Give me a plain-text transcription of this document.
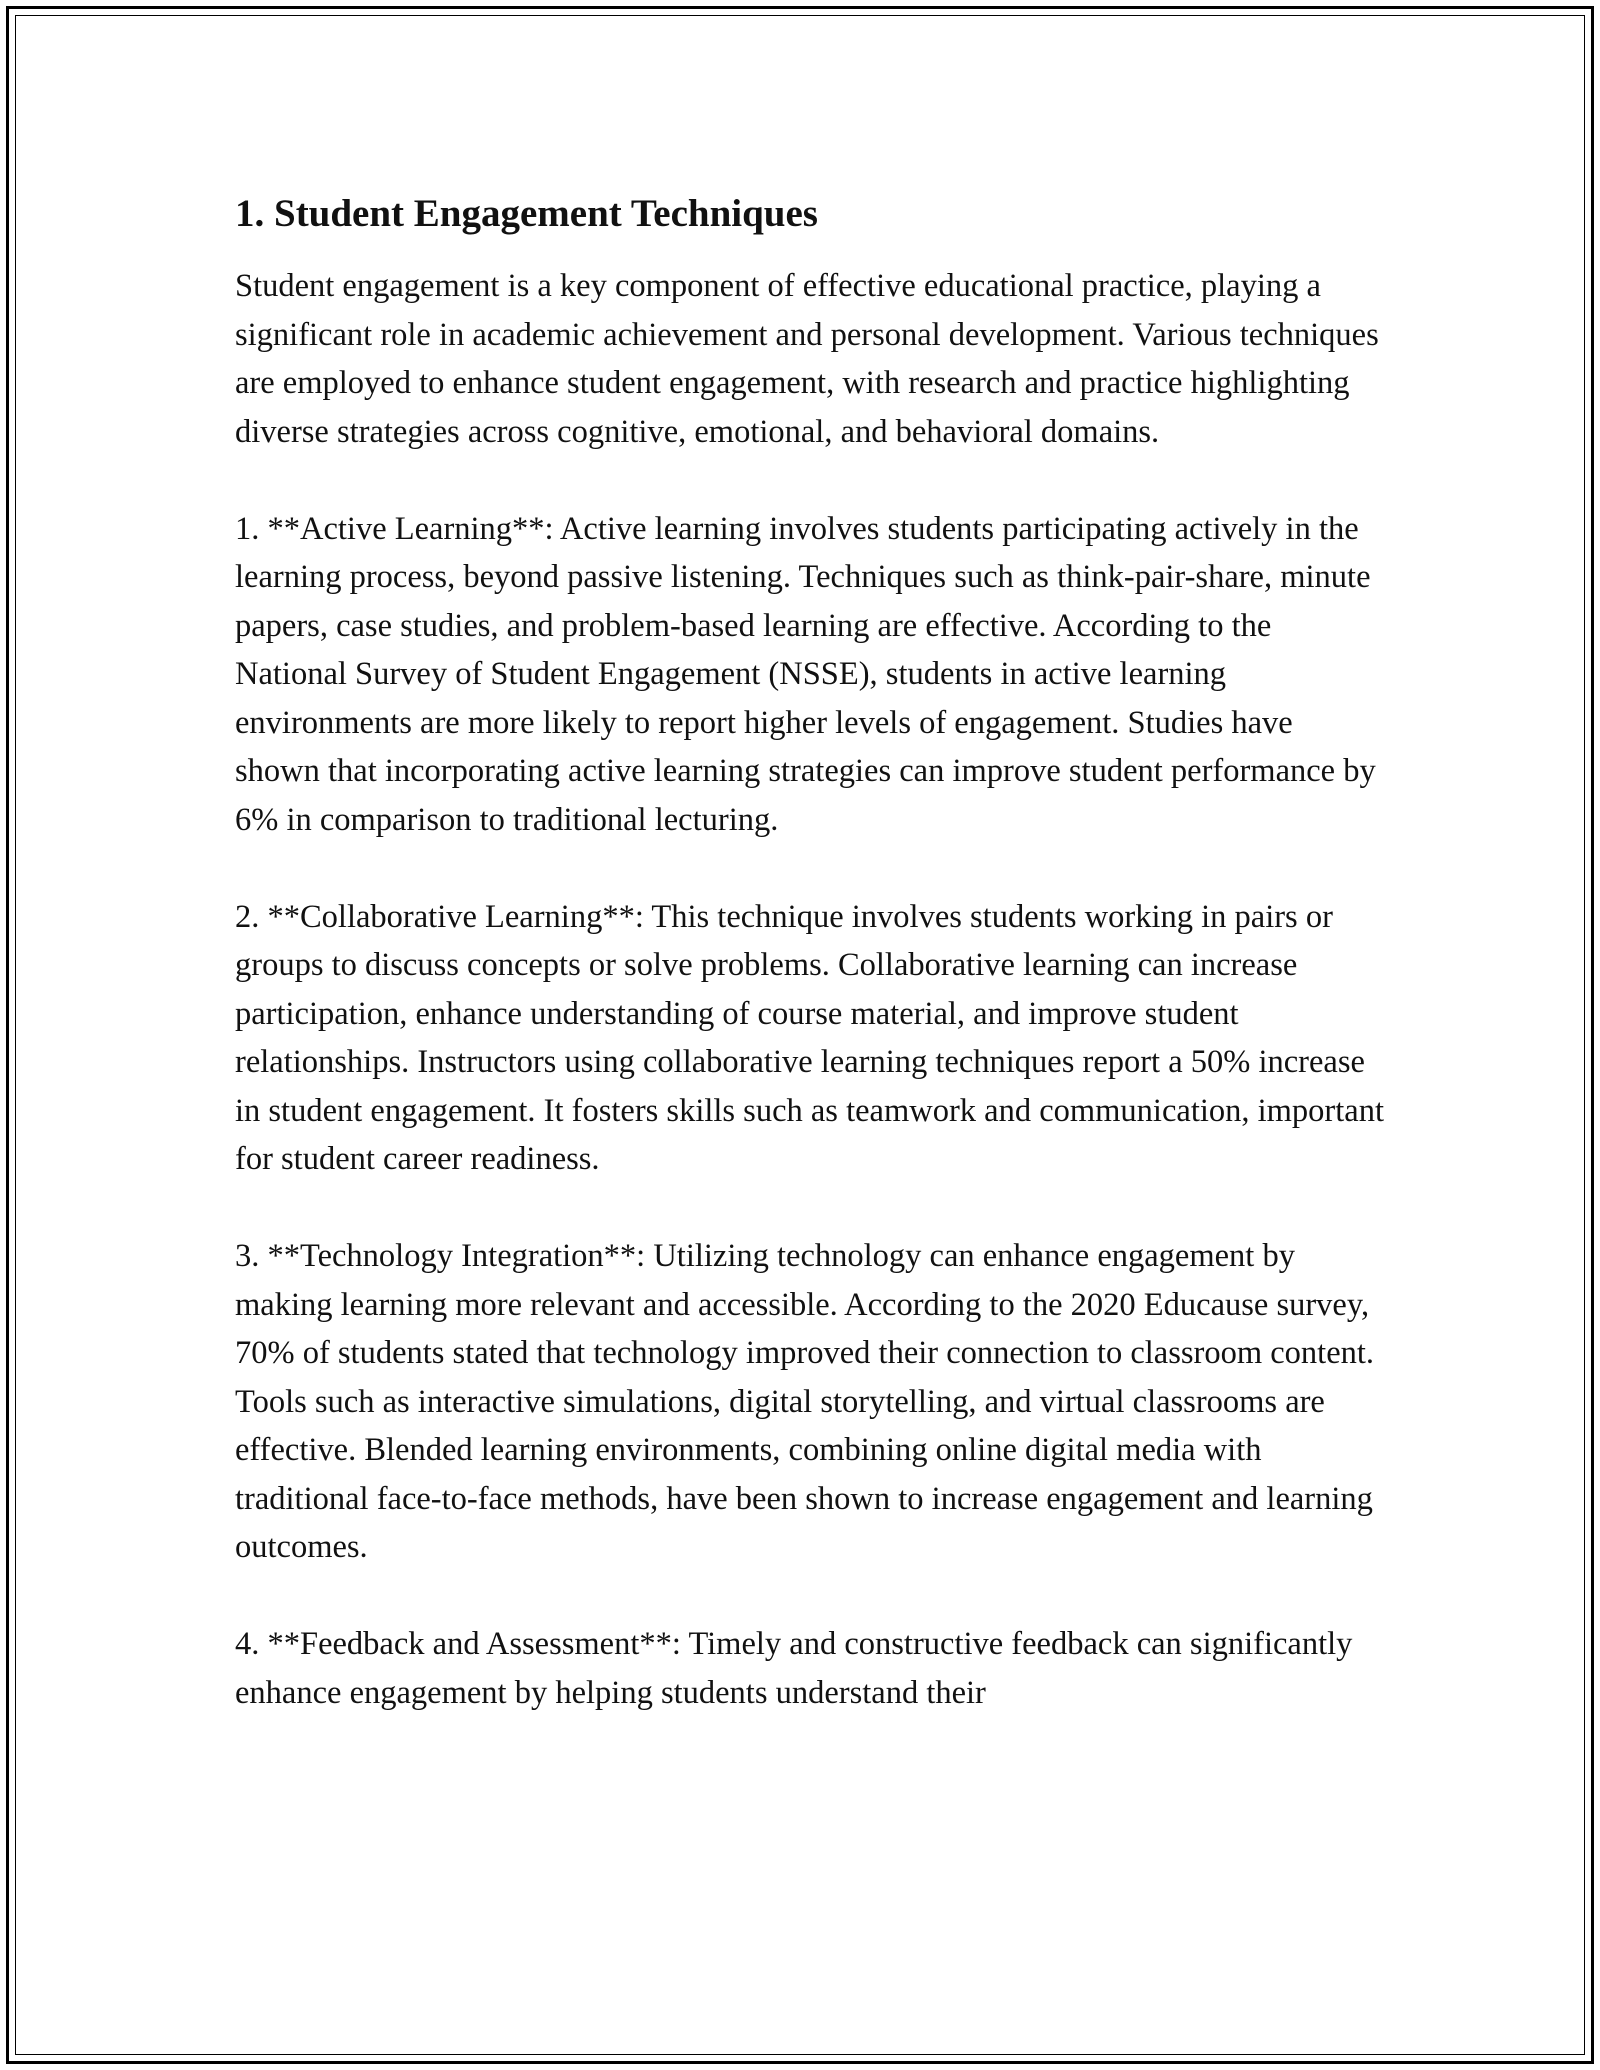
1. Student Engagement Techniques

Student engagement is a key component of effective educational practice, playing a significant role in academic achievement and personal development. Various techniques are employed to enhance student engagement, with research and practice highlighting diverse strategies across cognitive, emotional, and behavioral domains.

1. **Active Learning**: Active learning involves students participating actively in the learning process, beyond passive listening. Techniques such as think-pair-share, minute papers, case studies, and problem-based learning are effective. According to the National Survey of Student Engagement (NSSE), students in active learning environments are more likely to report higher levels of engagement. Studies have shown that incorporating active learning strategies can improve student performance by 6% in comparison to traditional lecturing.

2. **Collaborative Learning**: This technique involves students working in pairs or groups to discuss concepts or solve problems. Collaborative learning can increase participation, enhance understanding of course material, and improve student relationships. Instructors using collaborative learning techniques report a 50% increase in student engagement. It fosters skills such as teamwork and communication, important for student career readiness.

3. **Technology Integration**: Utilizing technology can enhance engagement by making learning more relevant and accessible. According to the 2020 Educause survey, 70% of students stated that technology improved their connection to classroom content. Tools such as interactive simulations, digital storytelling, and virtual classrooms are effective. Blended learning environments, combining online digital media with traditional face-to-face methods, have been shown to increase engagement and learning outcomes.

4. **Feedback and Assessment**: Timely and constructive feedback can significantly enhance engagement by helping students understand their
